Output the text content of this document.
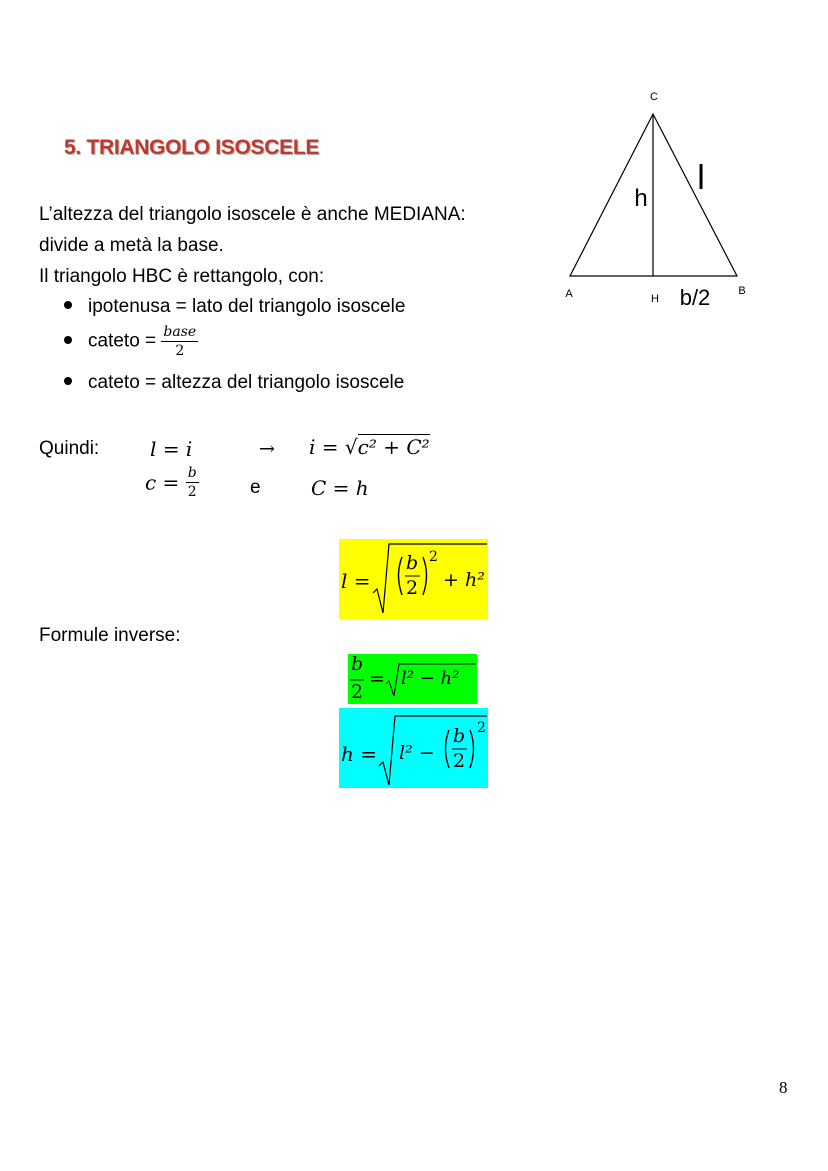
5. TRIANGOLO ISOSCELE
L’altezza del triangolo isoscele è anche MEDIANA:
divide a metà la base.
Il triangolo HBC è rettangolo, con:
ipotenusa = lato del triangolo isoscele
cateto = $\frac{\text{base}}{2}$
cateto = altezza del triangolo isoscele
Quindi:	l = i	→ i = √c² + C²
$c = \frac{b}{2}$	e	C = h
l =
b
2
2
+ h²
Formule inverse:
b
2
= l² − h²
h = l² −
b
2
2
C
A	H
B
h
l
b/2
8
